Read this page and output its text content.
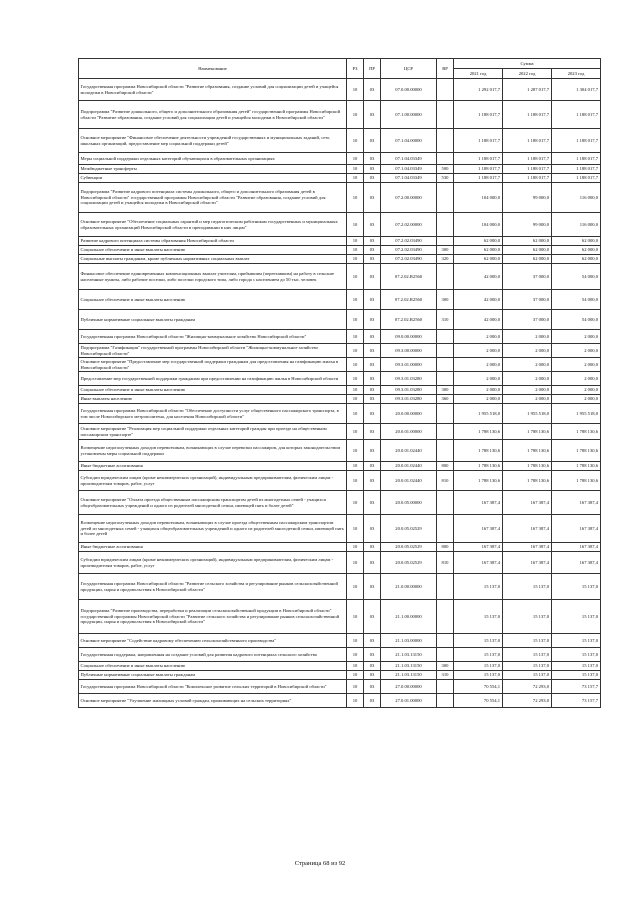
Наименование	РЗ	ПР	ЦСР	ВР	Сумма		
					2021 год	2022 год	2023 год
Государственная программа Новосибирской области "Развитие образования, создание условий для социализации детей и учащейся молодежи в Новосибирской области"	10	03	07.0.00.00000		1 292 017,7	1 287 017,7	1 304 017,7
Подпрограмма "Развитие дошкольного, общего и дополнительного образования детей" государственной программы Новосибирской области "Развитие образования, создание условий для социализации детей и учащейся молодежи в Новосибирской области"	10	03	07.1.00.00000		1 188 017,7	1 188 017,7	1 188 017,7
Основное мероприятие "Финансовое обеспечение деятельности учреждений государственных и муниципальных заданий, сеть школьных организаций, предоставление мер социальной поддержки детей"	10	03	07.1.04.00000		1 188 017,7	1 188 017,7	1 188 017,7
Меры социальной поддержки отдельных категорий обучающихся в образовательных организациях	10	03	07.1.04.03349		1 188 017,7	1 188 017,7	1 188 017,7
Межбюджетные трансферты	10	03	07.1.04.03349	500	1 188 017,7	1 188 017,7	1 188 017,7
Субвенции	10	03	07.1.04.03349	530	1 188 017,7	1 188 017,7	1 188 017,7
Подпрограмма "Развитие кадрового потенциала системы дошкольного, общего и дополнительного образования детей в Новосибирской области" государственной программы Новосибирской области "Развитие образования, создание условий для социализации детей и учащейся молодежи в Новосибирской области"	10	03	07.2.00.00000		104 000,0	99 000,0	116 000,0
Основное мероприятие "Обеспечение социальных гарантий и мер педагогическим работникам государственных и муниципальных образовательных организаций Новосибирской области в преподавании в них лицам"	10	03	07.2.02.00000		104 000,0	99 000,0	116 000,0
Развитие кадрового потенциала системы образования Новосибирской области	10	03	07.2.02.03490		62 000,0	62 000,0	62 000,0
Социальное обеспечение и иные выплаты населению	10	03	07.2.02.03490	300	62 000,0	62 000,0	62 000,0
Социальные выплаты гражданам, кроме публичных нормативных социальных выплат	10	03	07.2.02.03490	320	62 000,0	62 000,0	62 000,0
Финансовое обеспечение единовременных компенсационных выплат учителям, прибывшим (переехавшим) на работу в сельские населенные пункты, либо рабочие поселки, либо поселки городского типа, либо города с населением до 50 тыс. человек	10	03	07.2.02.R2560		42 000,0	37 000,0	54 000,0
Социальное обеспечение и иные выплаты населению	10	03	07.2.02.R2560	300	42 000,0	37 000,0	54 000,0
Публичные нормативные социальные выплаты гражданам	10	03	07.2.02.R2560	310	42 000,0	37 000,0	54 000,0
Государственная программа Новосибирской области "Жилищно-коммунальное хозяйство Новосибирской области"	10	03	09.0.00.00000		2 000,0	2 000,0	2 000,0
Подпрограмма "Газификация" государственной программы Новосибирской области "Жилищно-коммунальное хозяйство Новосибирской области"	10	03	09.3.00.00000		2 000,0	2 000,0	2 000,0
Основное мероприятие "Предоставление мер государственной поддержки гражданам для предоставления на газификацию жилья в Новосибирской области"	10	03	09.3.01.00000		2 000,0	2 000,0	2 000,0
Предоставление мер государственной поддержки гражданам при предоставлении на газификацию жилья в Новосибирской области	10	03	09.3.01.03280		2 000,0	2 000,0	2 000,0
Социальное обеспечение и иные выплаты населению	10	03	09.3.01.03280	300	2 000,0	2 000,0	2 000,0
Иные выплаты населению	10	03	09.3.01.03280	360	2 000,0	2 000,0	2 000,0
Государственная программа Новосибирской области "Обеспечение доступности услуг общественного пассажирского транспорта, в том числе Новосибирского метрополитена, для населения Новосибирской области"	10	03	20.0.00.00000		1 955 518,0	1 955 518,0	1 955 518,0
Основное мероприятие "Реализация мер социальной поддержки отдельных категорий граждан при проезде на общественном пассажирском транспорте"	10	03	20.0.01.00000		1 788 130,6	1 788 130,6	1 788 130,6
Возмещение недополученных доходов перевозчикам, возникающих в случае перевозки пассажиров, для которых законодательством установлены меры социальной поддержки	10	03	20.0.01.02440		1 788 130,6	1 788 130,6	1 788 130,6
Иные бюджетные ассигнования	10	03	20.0.01.02440	800	1 788 130,6	1 788 130,6	1 788 130,6
Субсидии юридическим лицам (кроме некоммерческих организаций), индивидуальным предпринимателям, физическим лицам - производителям товаров, работ, услуг	10	03	20.0.01.02440	810	1 788 130,6	1 788 130,6	1 788 130,6
Основное мероприятие "Оплата проезда общественным пассажирским транспортом детей из многодетных семей - учащихся общеобразовательных учреждений и одного из родителей многодетной семьи, имеющей пять и более детей"	10	03	20.0.05.00000		167 387,4	167 387,4	167 387,4
Возмещение недополученных доходов перевозчикам, возникающих в случае проезда общественным пассажирским транспортом детей из многодетных семей - учащихся общеобразовательных учреждений и одного из родителей многодетной семьи, имеющей пять и более детей	10	03	20.0.05.02529		167 387,4	167 387,4	167 387,4
Иные бюджетные ассигнования	10	03	20.0.05.02529	800	167 387,4	167 387,4	167 387,4
Субсидии юридическим лицам (кроме некоммерческих организаций), индивидуальным предпринимателям, физическим лицам - производителям товаров, работ, услуг	10	03	20.0.05.02529	810	167 387,4	167 387,4	167 387,4
Государственная программа Новосибирской области "Развитие сельского хозяйства и регулирование рынков сельскохозяйственной продукции, сырья и продовольствия в Новосибирской области"	10	03	21.0.00.00000		15 137,0	15 137,0	15 137,0
Подпрограмма "Развитие производства, переработки и реализации сельскохозяйственной продукции в Новосибирской области" государственной программы Новосибирской области "Развитие сельского хозяйства и регулирование рынков сельскохозяйственной продукции, сырья и продовольствия в Новосибирской области"	10	03	21.1.00.00000		15 137,0	15 137,0	15 137,0
Основное мероприятие "Содействие кадровому обеспечению сельскохозяйственного производства"	10	03	21.1.03.00000		15 137,0	15 137,0	15 137,0
Государственная поддержка, направленная на создание условий для развития кадрового потенциала сельского хозяйства	10	03	21.1.03.13150		15 137,0	15 137,0	15 137,0
Социальное обеспечение и иные выплаты населению	10	03	21.1.03.13150	300	15 137,0	15 137,0	15 137,0
Публичные нормативные социальные выплаты гражданам	10	03	21.1.03.13150	310	15 137,0	15 137,0	15 137,0
Государственная программа Новосибирской области "Комплексное развитие сельских территорий в Новосибирской области"	10	03	27.0.00.00000		70 554,1	72 293,0	73 157,7
Основное мероприятие "Улучшение жилищных условий граждан, проживающих на сельских территориях"	10	03	27.0.01.00000		70 554,1	72 293,0	73 157,7
Страница 68 из 92
